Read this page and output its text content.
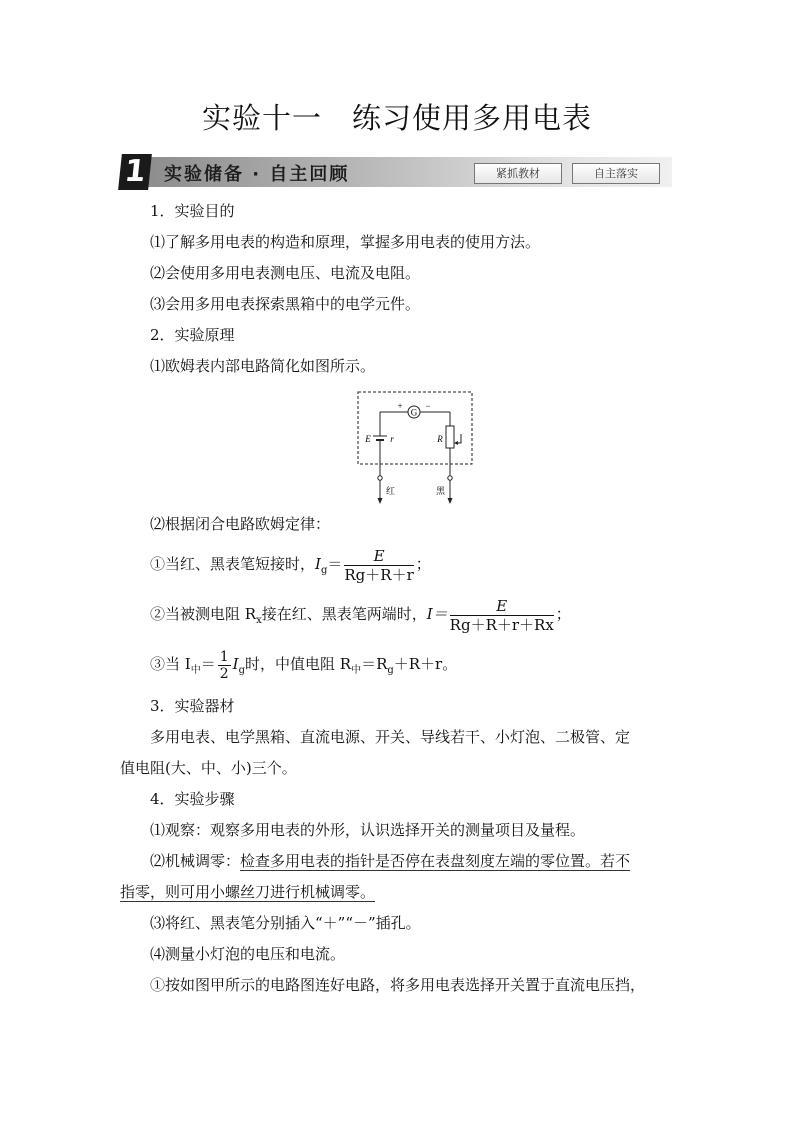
实验十一 练习使用多用电表
1 实验储备 · 自主回顾	紧抓教材	自主落实
1．实验目的
⑴了解多用电表的构造和原理，掌握多用电表的使用方法。
⑵会使用多用电表测电压、电流及电阻。
⑶会用多用电表探索黑箱中的电学元件。
2．实验原理
⑴欧姆表内部电路简化如图所示。
G
+	−
E r	R
红	黑
⑵根据闭合电路欧姆定律：
①当红、黑表笔短接时，$I_g= \frac{E}{Rg+R+r}$ ；
②当被测电阻 $R_x$接在红、黑表笔两端时，$I= \frac{E}{Rg+R+r+Rx}$ ；
③当 $I_中= \frac{1}{2} I_g$时，中值电阻 $R_中=R_g+R+r$。
3．实验器材
多用电表、电学黑箱、直流电源、开关、导线若干、小灯泡、二极管、定
值电阻(大、中、小)三个。
4．实验步骤
⑴观察：观察多用电表的外形，认识选择开关的测量项目及量程。
⑵机械调零：检查多用电表的指针是否停在表盘刻度左端的零位置。若不
指零，则可用小螺丝刀进行机械调零。
⑶将红、黑表笔分别插入“＋”“－”插孔。
⑷测量小灯泡的电压和电流。
①按如图甲所示的电路图连好电路，将多用电表选择开关置于直流电压挡，
